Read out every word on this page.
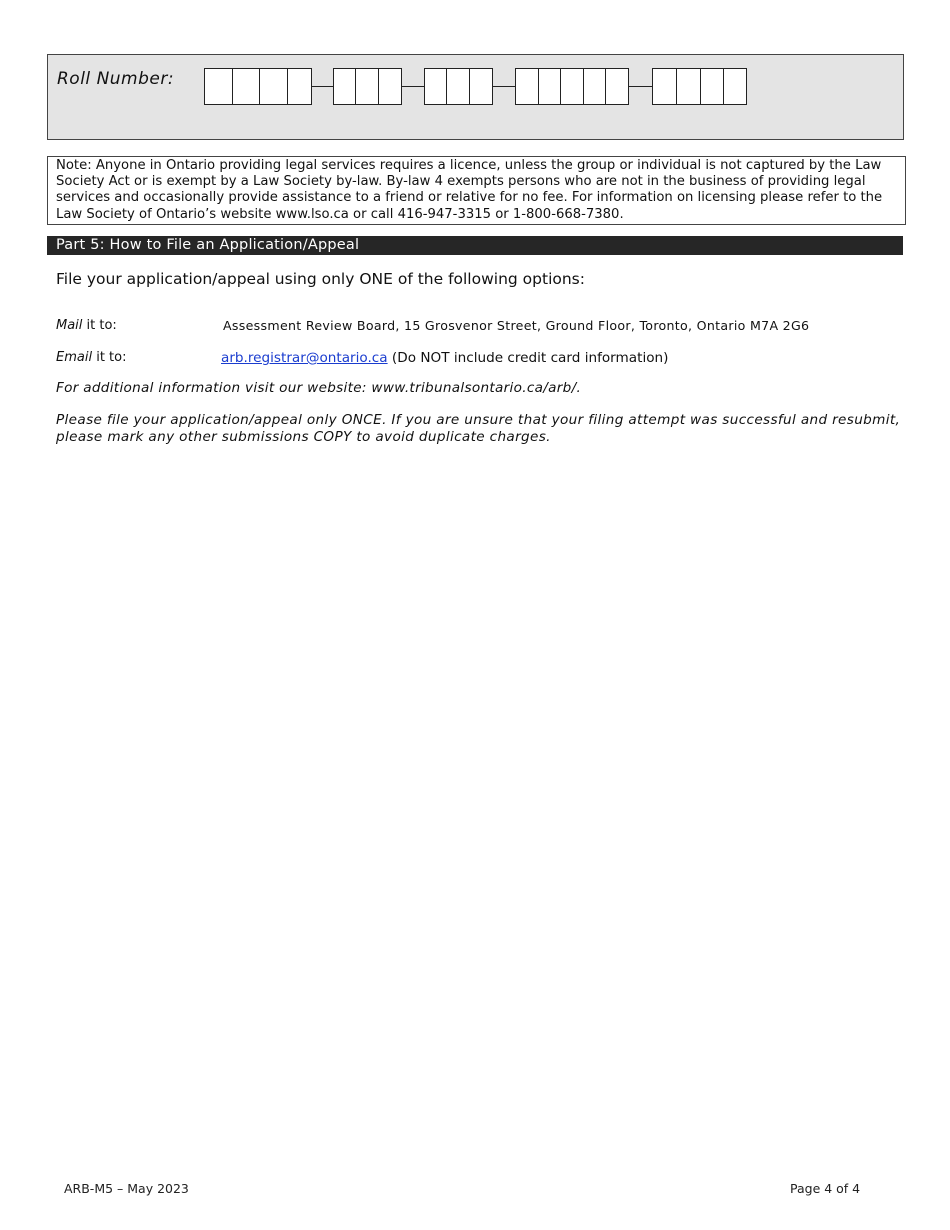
Roll Number:
Note: Anyone in Ontario providing legal services requires a licence, unless the group or individual is not captured by the Law Society Act or is exempt by a Law Society by-law. By-law 4 exempts persons who are not in the business of providing legal services and occasionally provide assistance to a friend or relative for no fee. For information on licensing please refer to the Law Society of Ontario’s website www.lso.ca or call 416-947-3315 or 1-800-668-7380.
Part 5: How to File an Application/Appeal
File your application/appeal using only ONE of the following options:
Mail it to:	Assessment Review Board, 15 Grosvenor Street, Ground Floor, Toronto, Ontario M7A 2G6
Email it to:	arb.registrar@ontario.ca (Do NOT include credit card information)
For additional information visit our website: www.tribunalsontario.ca/arb/.
Please file your application/appeal only ONCE. If you are unsure that your filing attempt was successful and resubmit, please mark any other submissions COPY to avoid duplicate charges.
ARB-M5 – May 2023	Page 4 of 4
